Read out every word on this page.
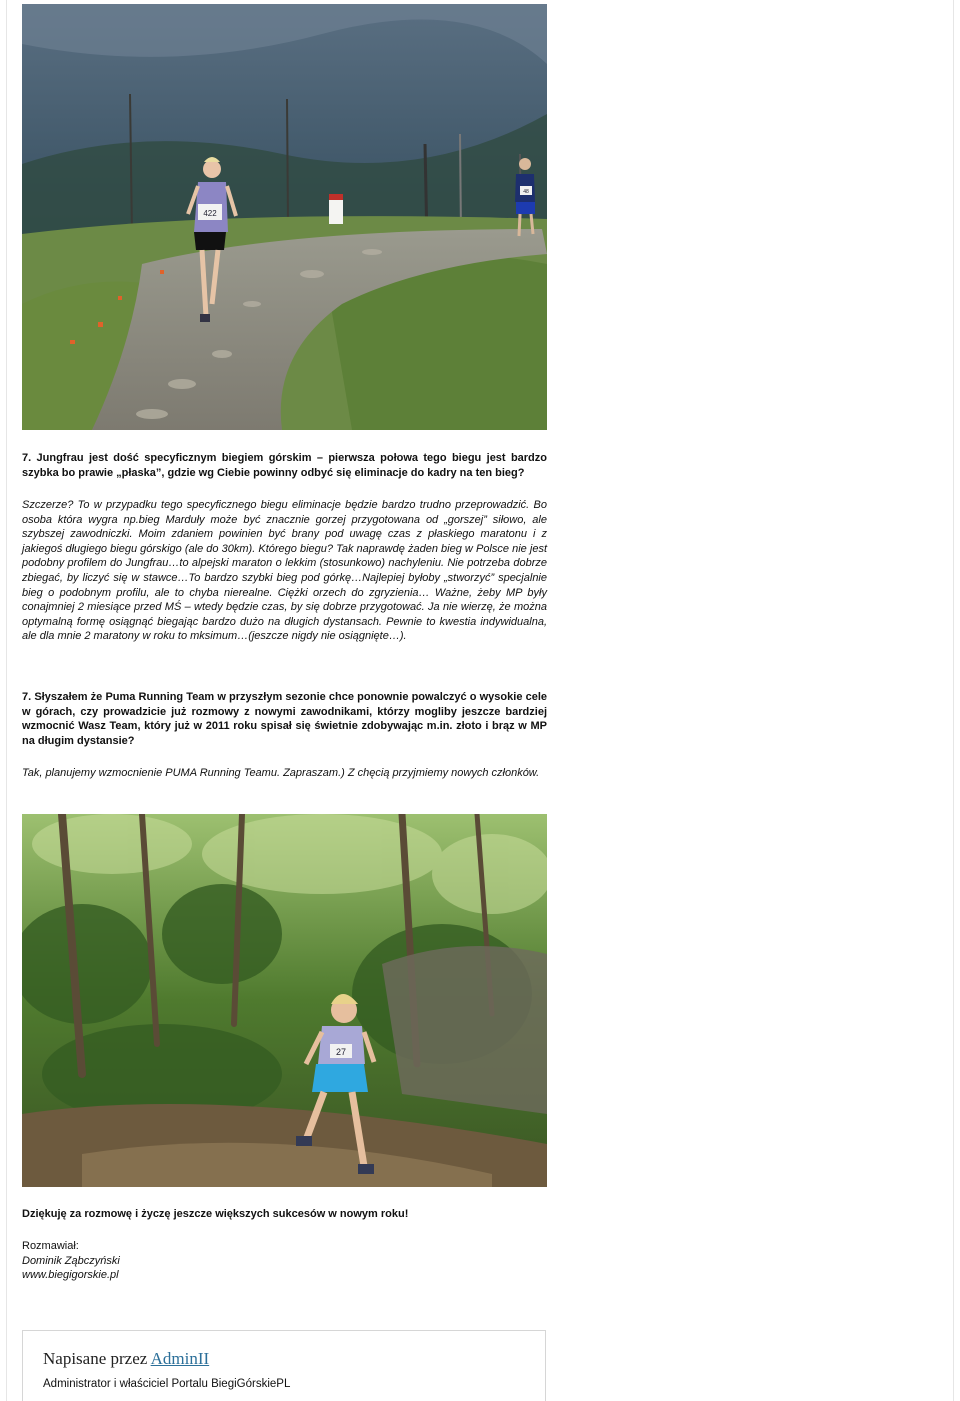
422
48

7. Jungfrau jest dość specyficznym biegiem górskim – pierwsza połowa tego biegu jest bardzo szybka bo prawie „płaska”, gdzie wg Ciebie powinny odbyć się eliminacje do kadry na ten bieg?

Szczerze? To w przypadku tego specyficznego biegu eliminacje będzie bardzo trudno przeprowadzić. Bo osoba która wygra np.bieg Marduły może być znacznie gorzej przygotowana od „gorszej” siłowo, ale szybszej zawodniczki. Moim zdaniem powinien być brany pod uwagę czas z płaskiego maratonu i z jakiegoś długiego biegu górskigo (ale do 30km). Którego biegu? Tak naprawdę żaden bieg w Polsce nie jest podobny profilem do Jungfrau…to alpejski maraton o lekkim (stosunkowo) nachyleniu. Nie potrzeba dobrze zbiegać, by liczyć się w stawce…To bardzo szybki bieg pod górkę…Najlepiej byłoby „stworzyć” specjalnie bieg o podobnym profilu, ale to chyba nierealne. Ciężki orzech do zgryzienia… Ważne, żeby MP były conajmniej 2 miesiące przed MŚ – wtedy będzie czas, by się dobrze przygotować. Ja nie wierzę, że można optymalną formę osiągnąć biegając bardzo dużo na długich dystansach. Pewnie to kwestia indywidualna, ale dla mnie 2 maratony w roku to mksimum…(jeszcze nigdy nie osiągnięte…).

7. Słyszałem że Puma Running Team w przyszłym sezonie chce ponownie powalczyć o wysokie cele w górach, czy prowadzicie już rozmowy z nowymi zawodnikami, którzy mogliby jeszcze bardziej wzmocnić Wasz Team, który już w 2011 roku spisał się świetnie zdobywając m.in. złoto i brąz w MP na długim dystansie?

Tak, planujemy wzmocnienie PUMA Running Teamu. Zapraszam.) Z chęcią przyjmiemy nowych członków.

27

Dziękuję za rozmowę i życzę jeszcze większych sukcesów w nowym roku!

Rozmawiał:
Dominik Ząbczyński
www.biegigorskie.pl

Napisane przez AdminII

Administrator i właściciel Portalu BiegiGórskiePL
